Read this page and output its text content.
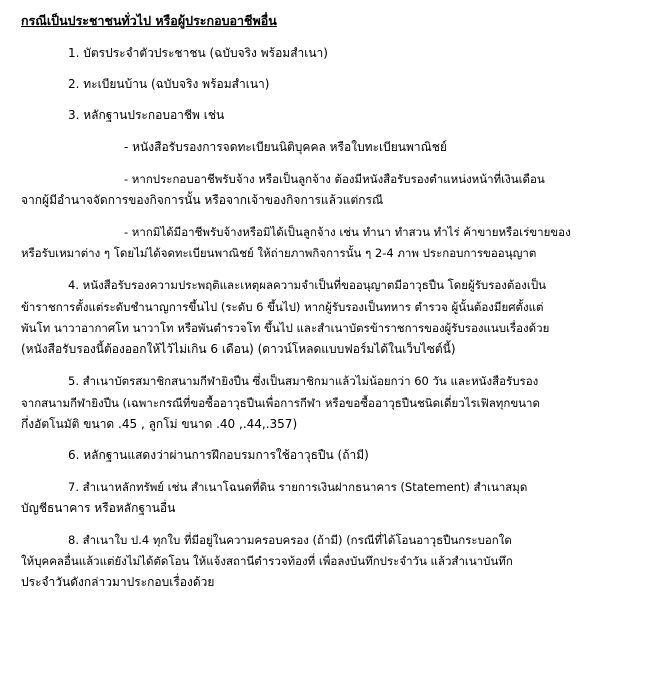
กรณีเป็นประชาชนทั่วไป หรือผู้ประกอบอาชีพอื่น
1. บัตรประจำตัวประชาชน (ฉบับจริง พร้อมสำเนา)
2. ทะเบียนบ้าน (ฉบับจริง พร้อมสำเนา)
3. หลักฐานประกอบอาชีพ เช่น
- หนังสือรับรองการจดทะเบียนนิติบุคคล หรือใบทะเบียนพาณิชย์
- หากประกอบอาชีพรับจ้าง หรือเป็นลูกจ้าง ต้องมีหนังสือรับรองตำแหน่งหน้าที่เงินเดือน
จากผู้มีอำนาจจัดการของกิจการนั้น หรือจากเจ้าของกิจการแล้วแต่กรณี
- หากมิได้มีอาชีพรับจ้างหรือมิได้เป็นลูกจ้าง เช่น ทำนา ทำสวน ทำไร่ ค้าขายหรือเร่ขายของ
หรือรับเหมาต่าง ๆ โดยไม่ได้จดทะเบียนพาณิชย์ ให้ถ่ายภาพกิจการนั้น ๆ 2-4 ภาพ ประกอบการขออนุญาต
4. หนังสือรับรองความประพฤติและเหตุผลความจำเป็นที่ขออนุญาตมีอาวุธปืน โดยผู้รับรองต้องเป็น
ข้าราชการตั้งแต่ระดับชำนาญการขึ้นไป (ระดับ 6 ขึ้นไป) หากผู้รับรองเป็นทหาร ตำรวจ ผู้นั้นต้องมียศตั้งแต่
พันโท นาวาอากาศโท นาวาโท หรือพันตำรวจโท ขึ้นไป และสำเนาบัตรข้าราชการของผู้รับรองแนบเรื่องด้วย
(หนังสือรับรองนี้ต้องออกให้ไว้ไม่เกิน 6 เดือน) (ดาวน์โหลดแบบฟอร์มได้ในเว็บไซต์นี้)
5. สำเนาบัตรสมาชิกสนามกีฬายิงปืน ซึ่งเป็นสมาชิกมาแล้วไม่น้อยกว่า 60 วัน และหนังสือรับรอง
จากสนามกีฬายิงปืน (เฉพาะกรณีที่ขอซื้ออาวุธปืนเพื่อการกีฬา หรือขอซื้ออาวุธปืนชนิดเดี่ยวไรเฟิลทุกขนาด
กึ่งอัตโนมัติ ขนาด .45 , ลูกโม่ ขนาด .40 ,.44,.357)
6. หลักฐานแสดงว่าผ่านการฝึกอบรมการใช้อาวุธปืน (ถ้ามี)
7. สำเนาหลักทรัพย์ เช่น สำเนาโฉนดที่ดิน รายการเงินฝากธนาคาร (Statement) สำเนาสมุด
บัญชีธนาคาร หรือหลักฐานอื่น
8. สำเนาใบ ป.4 ทุกใบ ที่มีอยู่ในความครอบครอง (ถ้ามี) (กรณีที่ได้โอนอาวุธปืนกระบอกใด
ให้บุคคลอื่นแล้วแต่ยังไม่ได้ตัดโอน ให้แจ้งสถานีตำรวจท้องที่ เพื่อลงบันทึกประจำวัน แล้วสำเนาบันทึก
ประจำวันดังกล่าวมาประกอบเรื่องด้วย
